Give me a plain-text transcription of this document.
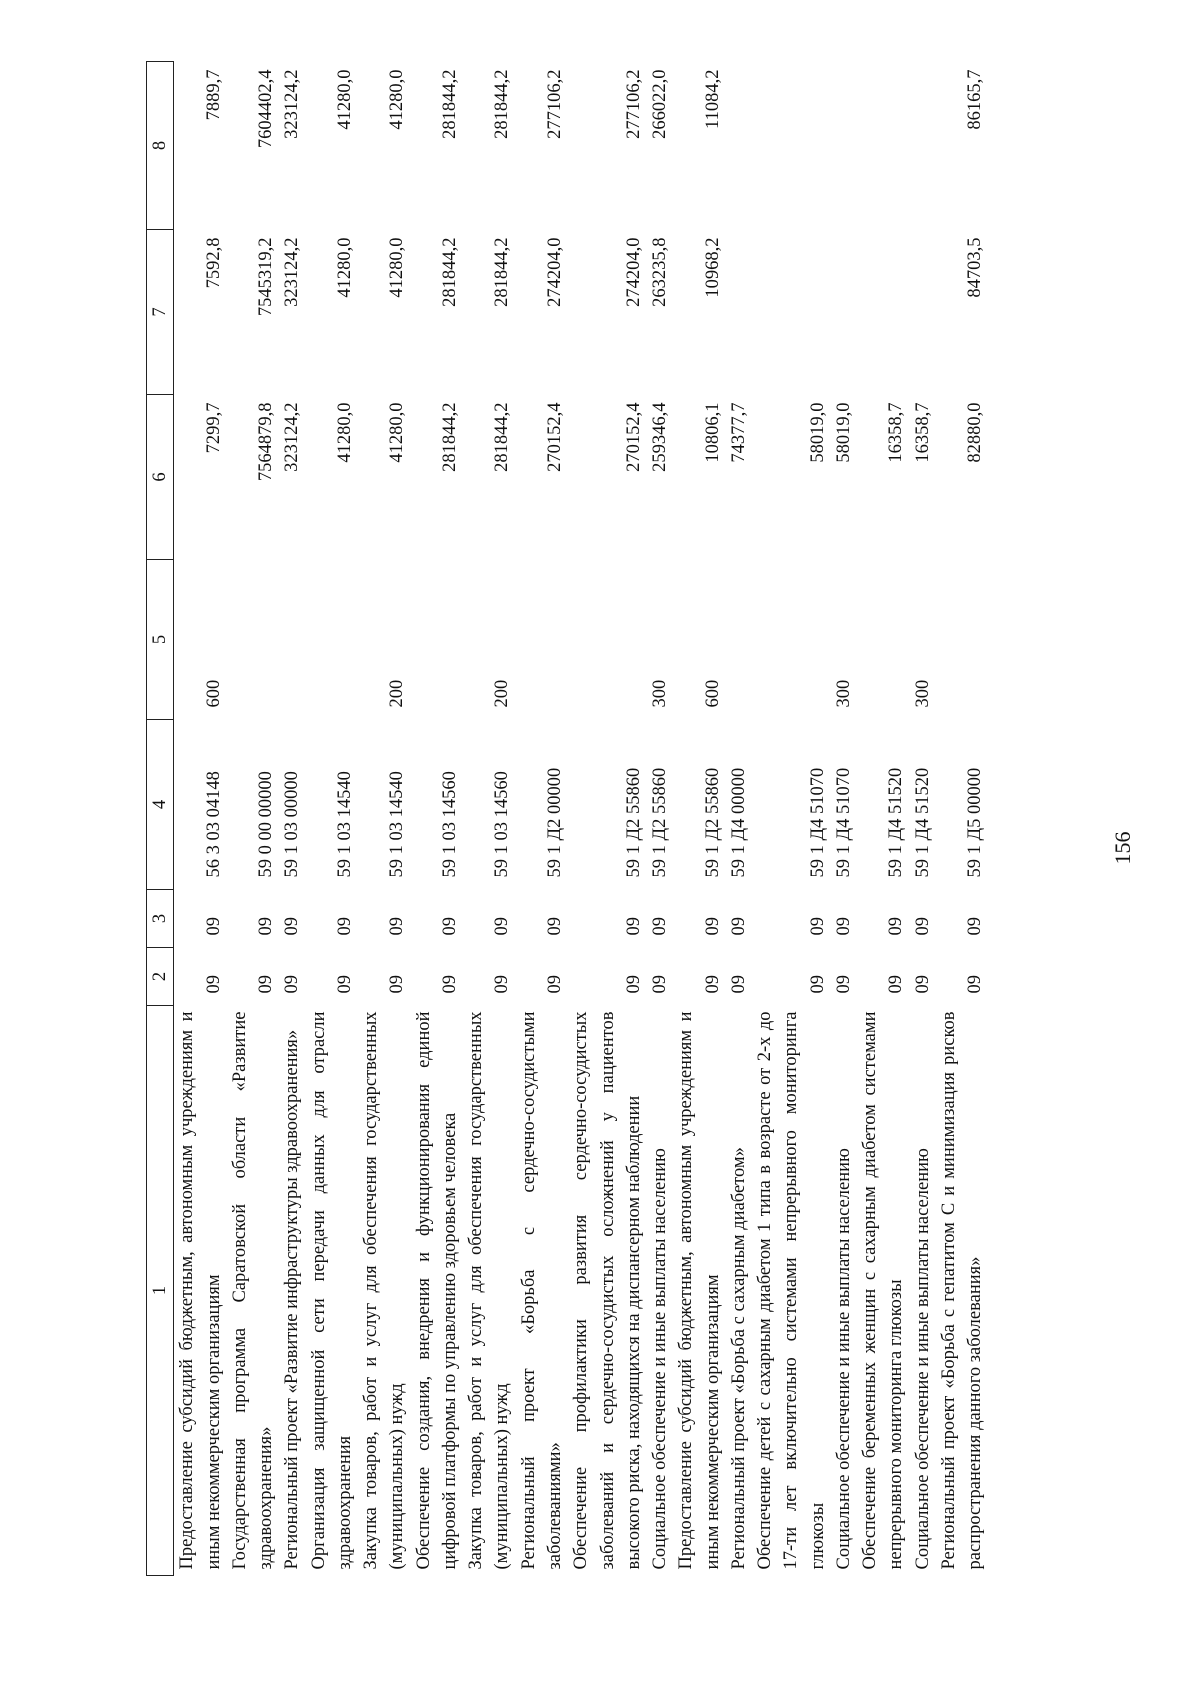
156
1	2	3	4	5	6	7	8
Предоставление субсидий бюджетным, автономным учреждениям и иным некоммерческим организациям	09	09	56 3 03 04148	600	7299,7	7592,8	7889,7
Государственная программа Саратовской области «Развитие здравоохранения»	09	09	59 0 00 00000		7564879,8	7545319,2	7604402,4
Региональный проект «Развитие инфраструктуры здравоохранения»	09	09	59 1 03 00000		323124,2	323124,2	323124,2
Организация защищенной сети передачи данных для отрасли здравоохранения	09	09	59 1 03 14540		41280,0	41280,0	41280,0
Закупка товаров, работ и услуг для обеспечения государственных (муниципальных) нужд	09	09	59 1 03 14540	200	41280,0	41280,0	41280,0
Обеспечение создания, внедрения и функционирования единой цифровой платформы по управлению здоровьем человека	09	09	59 1 03 14560		281844,2	281844,2	281844,2
Закупка товаров, работ и услуг для обеспечения государственных (муниципальных) нужд	09	09	59 1 03 14560	200	281844,2	281844,2	281844,2
Региональный проект «Борьба с сердечно-сосудистыми заболеваниями»	09	09	59 1 Д2 00000		270152,4	274204,0	277106,2
Обеспечение профилактики развития сердечно-сосудистых заболеваний и сердечно-сосудистых осложнений у пациентов высокого риска, находящихся на диспансерном наблюдении	09	09	59 1 Д2 55860		270152,4	274204,0	277106,2
Социальное обеспечение и иные выплаты населению	09	09	59 1 Д2 55860	300	259346,4	263235,8	266022,0
Предоставление субсидий бюджетным, автономным учреждениям и иным некоммерческим организациям	09	09	59 1 Д2 55860	600	10806,1	10968,2	11084,2
Региональный проект «Борьба с сахарным диабетом»	09	09	59 1 Д4 00000		74377,7		
Обеспечение детей с сахарным диабетом 1 типа в возрасте от 2-х до 17-ти лет включительно системами непрерывного мониторинга глюкозы	09	09	59 1 Д4 51070		58019,0		
Социальное обеспечение и иные выплаты населению	09	09	59 1 Д4 51070	300	58019,0		
Обеспечение беременных женщин с сахарным диабетом системами непрерывного мониторинга глюкозы	09	09	59 1 Д4 51520		16358,7		
Социальное обеспечение и иные выплаты населению	09	09	59 1 Д4 51520	300	16358,7		
Региональный проект «Борьба с гепатитом С и минимизация рисков распространения данного заболевания»	09	09	59 1 Д5 00000		82880,0	84703,5	86165,7
